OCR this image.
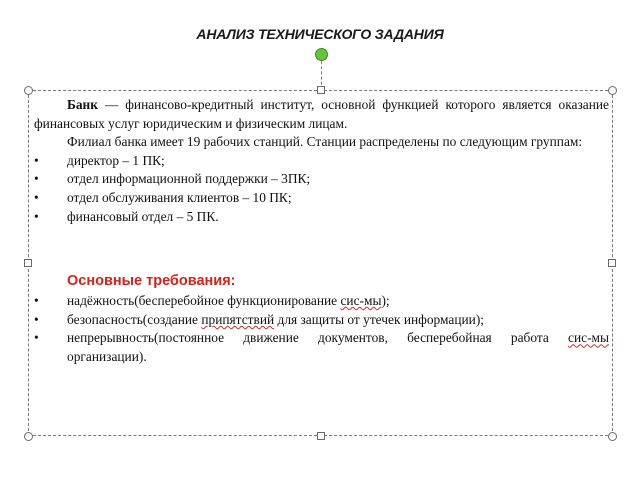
АНАЛИЗ ТЕХНИЧЕСКОГО ЗАДАНИЯ

Банк — финансово-кредитный институт, основной функцией которого является оказание финансовых услуг юридическим и физическим лицам.

Филиал банка имеет 19 рабочих станций. Станции распределены по следующим группам:

•	директор – 1 ПК;
•	отдел информационной поддержки – 3ПК;
•	отдел обслуживания клиентов – 10 ПК;
•	финансовый отдел – 5 ПК.

Основные требования:

•	надёжность(бесперебойное функционирование сис-мы);
•	безопасность(создание припятствий для защиты от утечек информации);
•	непрерывность(постоянное движение документов, бесперебойная работа сис-мы организации).
